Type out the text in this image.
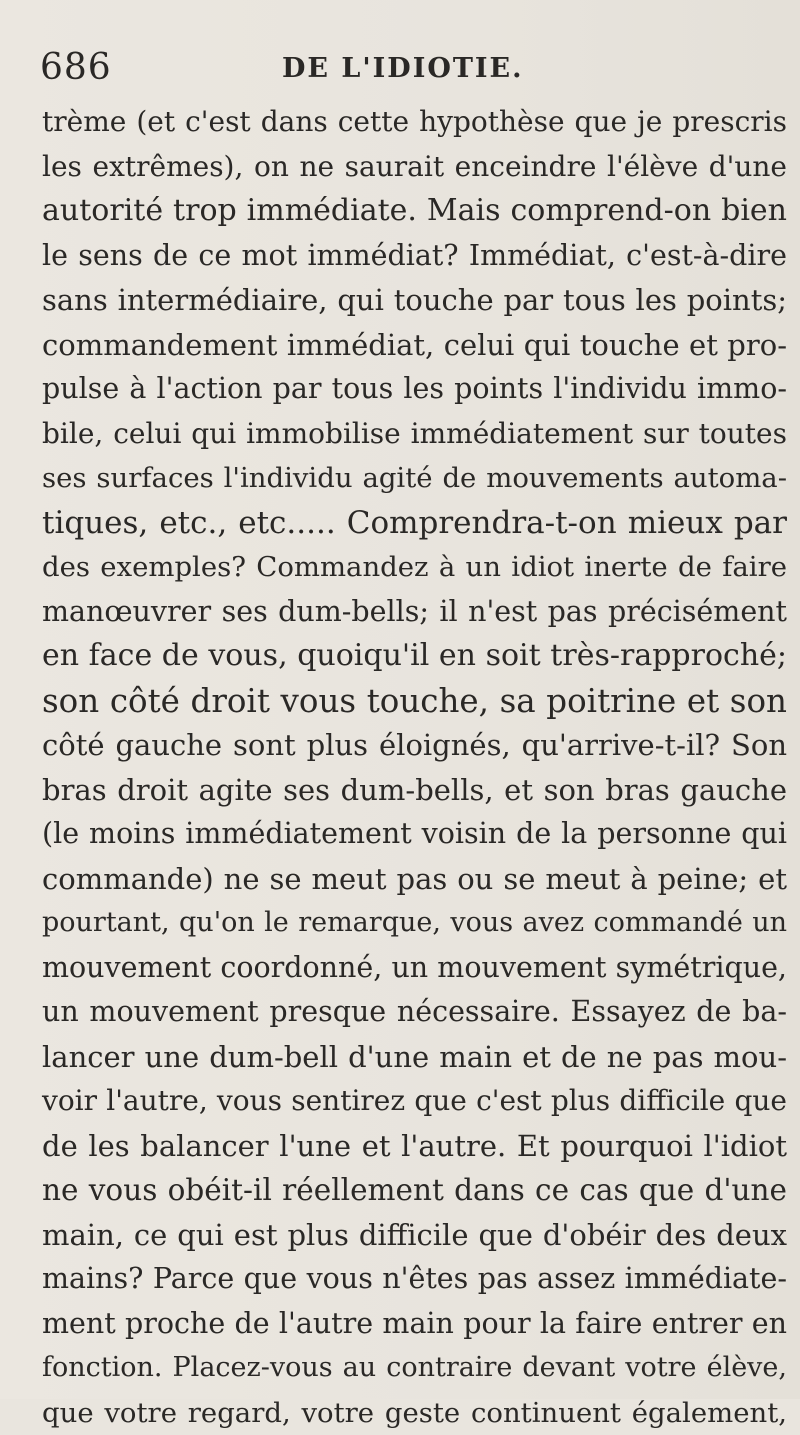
686	DE L'IDIOTIE.
trème (et c'est dans cette hypothèse que je prescris
les extrêmes), on ne saurait enceindre l'élève d'une
autorité trop immédiate. Mais comprend-on bien
le sens de ce mot immédiat? Immédiat, c'est-à-dire
sans intermédiaire, qui touche par tous les points;
commandement immédiat, celui qui touche et pro-
pulse à l'action par tous les points l'individu immo-
bile, celui qui immobilise immédiatement sur toutes
ses surfaces l'individu agité de mouvements automa-
tiques, etc., etc..... Comprendra-t-on mieux par
des exemples? Commandez à un idiot inerte de faire
manœuvrer ses dum-bells; il n'est pas précisément
en face de vous, quoiqu'il en soit très-rapproché;
son côté droit vous touche, sa poitrine et son
côté gauche sont plus éloignés, qu'arrive-t-il? Son
bras droit agite ses dum-bells, et son bras gauche
(le moins immédiatement voisin de la personne qui
commande) ne se meut pas ou se meut à peine; et
pourtant, qu'on le remarque, vous avez commandé un
mouvement coordonné, un mouvement symétrique,
un mouvement presque nécessaire. Essayez de ba-
lancer une dum-bell d'une main et de ne pas mou-
voir l'autre, vous sentirez que c'est plus difficile que
de les balancer l'une et l'autre. Et pourquoi l'idiot
ne vous obéit-il réellement dans ce cas que d'une
main, ce qui est plus difficile que d'obéir des deux
mains? Parce que vous n'êtes pas assez immédiate-
ment proche de l'autre main pour la faire entrer en
fonction. Placez-vous au contraire devant votre élève,
que votre regard, votre geste continuent également,
